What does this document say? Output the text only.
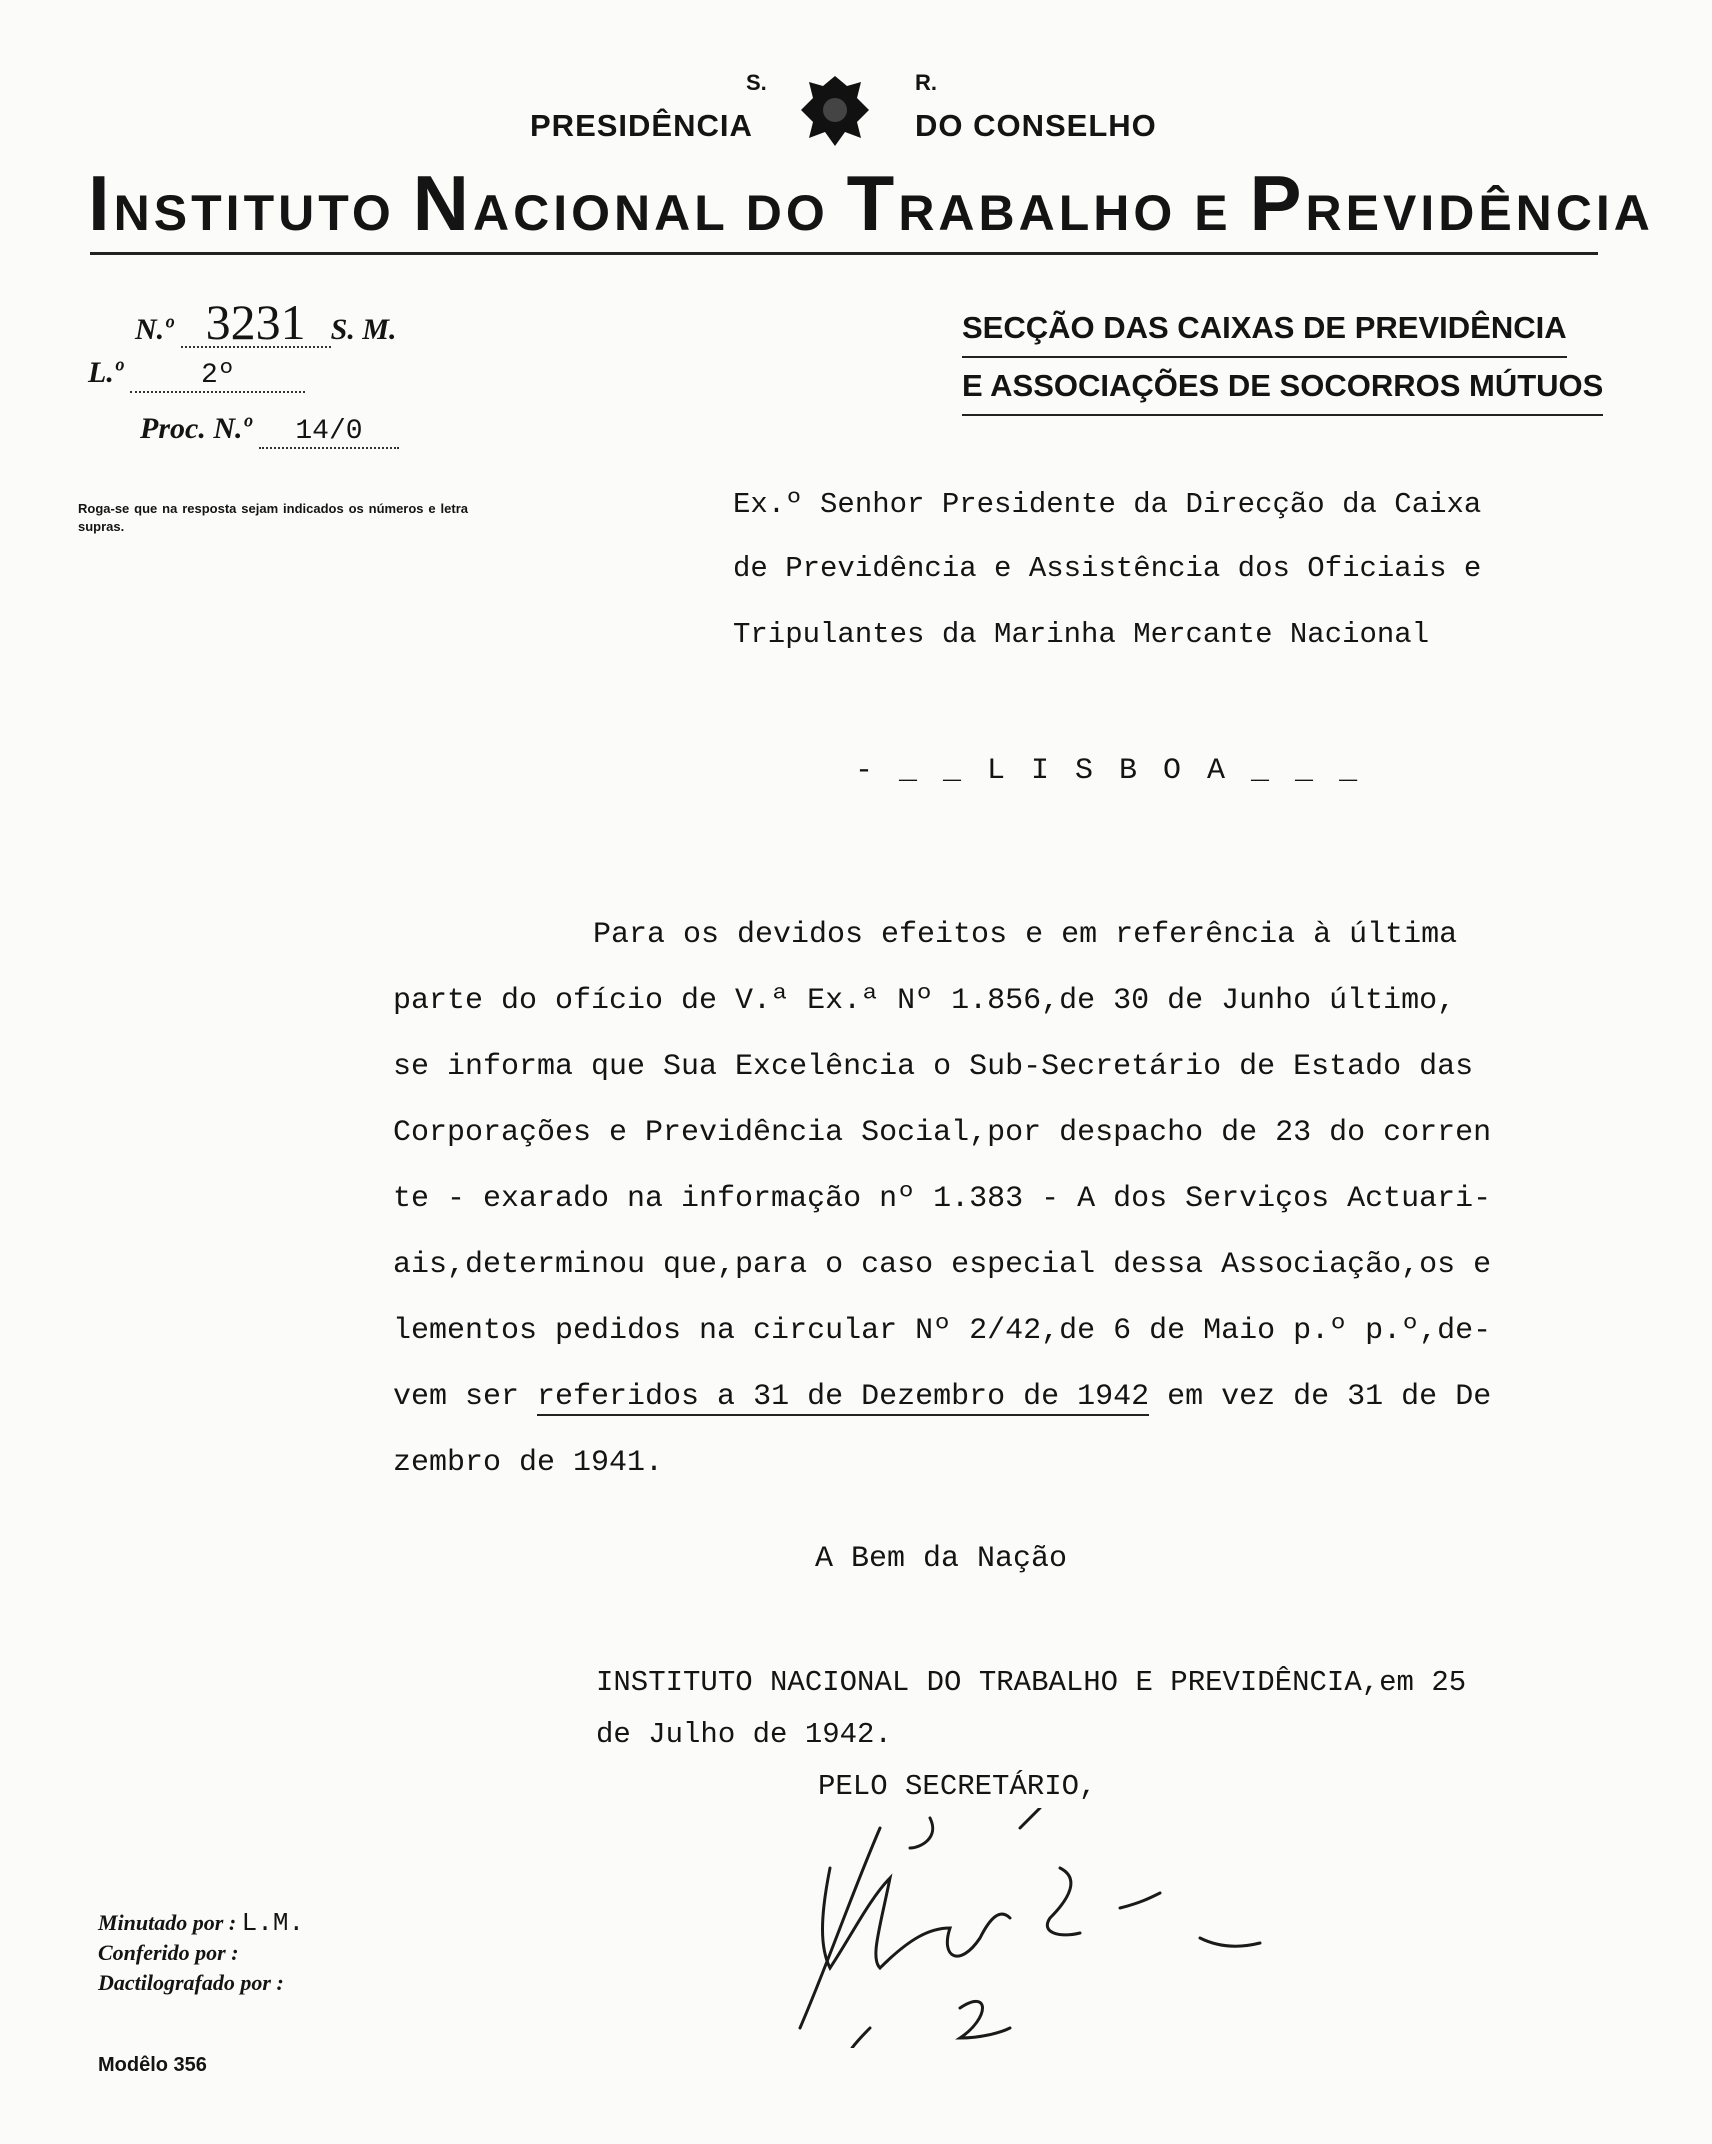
S.	R.
PRESIDÊNCIA	DO CONSELHO
INSTITUTO NACIONAL DO TRABALHO E PREVIDÊNCIA
N.º 3231 S. M.
L.º	2º
Proc. N.º 14/0
Roga-se que na resposta sejam indicados os números e letra supras.
SECÇÃO DAS CAIXAS DE PREVIDÊNCIA
E ASSOCIAÇÕES DE SOCORROS MÚTUOS
Ex.º Senhor Presidente da Direcção da Caixa
de Previdência e Assistência dos Oficiais e
Tripulantes da Marinha Mercante Nacional
- _ _ L I S B O A _ _ _
Para os devidos efeitos e em referência à última
parte do ofício de V.ª Ex.ª Nº 1.856,de 30 de Junho último,
se informa que Sua Excelência o Sub-Secretário de Estado das
Corporações e Previdência Social,por despacho de 23 do corren
te - exarado na informação nº 1.383 - A dos Serviços Actuari-
ais,determinou que,para o caso especial dessa Associação,os e
lementos pedidos na circular Nº 2/42,de 6 de Maio p.º p.º,de-
vem ser referidos a 31 de Dezembro de 1942 em vez de 31 de De
zembro de 1941.
A Bem da Nação
INSTITUTO NACIONAL DO TRABALHO E PREVIDÊNCIA,em 25
de Julho de 1942.
PELO SECRETÁRIO,
Minutado por : L.M.
Conferido por :
Dactilografado por :
Modêlo 356
